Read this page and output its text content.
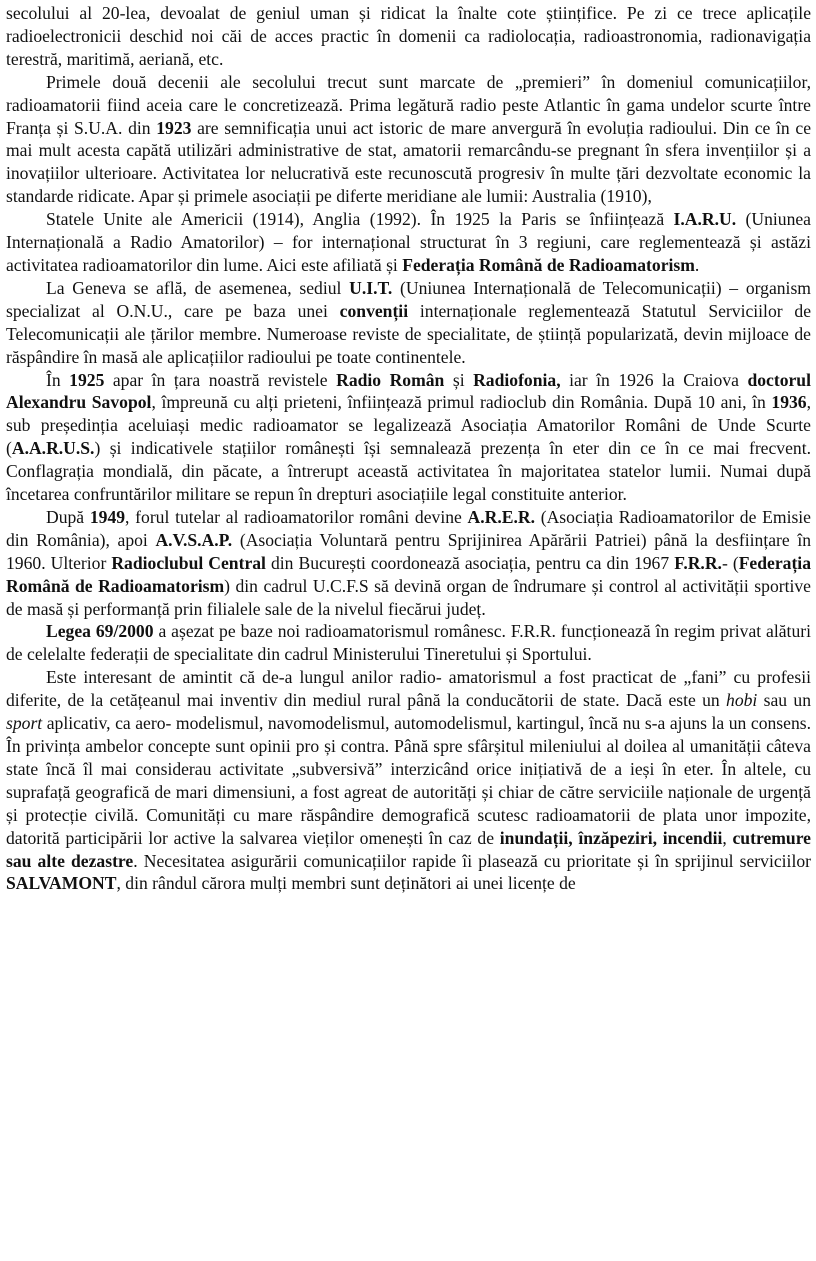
secolului al 20-lea, devoalat de geniul uman și ridicat la înalte cote științifice. Pe zi ce trece aplicațile radioelectronicii deschid noi căi de acces practic în domenii ca radiolocația, radioastronomia, radionavigația terestră, maritimă, aeriană, etc.

Primele două decenii ale secolului trecut sunt marcate de „premieri” în domeniul comunicațiilor, radioamatorii fiind aceia care le concretizează. Prima legătură radio peste Atlantic în gama undelor scurte între Franța și S.U.A. din 1923 are semnificația unui act istoric de mare anvergură în evoluția radioului. Din ce în ce mai mult acesta capătă utilizări administrative de stat, amatorii remarcându-se pregnant în sfera invențiilor și a inovațiilor ulterioare. Activitatea lor nelucrativă este recunoscută progresiv în multe țări dezvoltate economic la standarde ridicate. Apar și primele asociații pe diferte meridiane ale lumii: Australia (1910),

Statele Unite ale Americii (1914), Anglia (1992). În 1925 la Paris se înființează I.A.R.U. (Uniunea Internațională a Radio Amatorilor) – for internațional structurat în 3 regiuni, care reglementează și astăzi activitatea radioamatorilor din lume. Aici este afiliată și Federația Română de Radioamatorism.

La Geneva se află, de asemenea, sediul U.I.T. (Uniunea Internațională de Telecomunicații) – organism specializat al O.N.U., care pe baza unei convenții internaționale reglementează Statutul Serviciilor de Telecomunicații ale țărilor membre. Numeroase reviste de specialitate, de știință popularizată, devin mijloace de răspândire în masă ale aplicațiilor radioului pe toate continentele.

În 1925 apar în țara noastră revistele Radio Român și Radiofonia, iar în 1926 la Craiova doctorul Alexandru Savopol, împreună cu alți prieteni, înființează primul radioclub din România. După 10 ani, în 1936, sub președinția aceluiași medic radioamator se legalizează Asociația Amatorilor Români de Unde Scurte (A.A.R.U.S.) și indicativele stațiilor românești își semnalează prezența în eter din ce în ce mai frecvent. Conflagrația mondială, din păcate, a întrerupt această activitatea în majoritatea statelor lumii. Numai după încetarea confruntărilor militare se repun în drepturi asociațiile legal constituite anterior.

După 1949, forul tutelar al radioamatorilor români devine A.R.E.R. (Asociația Radioamatorilor de Emisie din România), apoi A.V.S.A.P. (Asociația Voluntară pentru Sprijinirea Apărării Patriei) până la desființare în 1960. Ulterior Radioclubul Central din București coordonează asociația, pentru ca din 1967 F.R.R.- (Federația Română de Radioamatorism) din cadrul U.C.F.S să devină organ de îndrumare și control al activității sportive de masă și performanță prin filialele sale de la nivelul fiecărui județ.

Legea 69/2000 a așezat pe baze noi radioamatorismul românesc. F.R.R. funcționează în regim privat alături de celelalte federații de specialitate din cadrul Ministerului Tineretului și Sportului.

Este interesant de amintit că de-a lungul anilor radio- amatorismul a fost practicat de „fani” cu profesii diferite, de la cetățeanul mai inventiv din mediul rural până la conducătorii de state. Dacă este un hobi sau un sport aplicativ, ca aero- modelismul, navomodelismul, automodelismul, kartingul, încă nu s-a ajuns la un consens. În privința ambelor concepte sunt opinii pro și contra. Până spre sfârșitul mileniului al doilea al umanității câteva state încă îl mai considerau activitate „subversivă” interzicând orice inițiativă de a ieși în eter. În altele, cu suprafață geografică de mari dimensiuni, a fost agreat de autorități și chiar de către serviciile naționale de urgență și protecție civilă. Comunități cu mare răspândire demografică scutesc radioamatorii de plata unor impozite, datorită participării lor active la salvarea vieților omenești în caz de inundații, înzăpeziri, incendii, cutremure sau alte dezastre. Necesitatea asigurării comunicațiilor rapide îi plasează cu prioritate și în sprijinul serviciilor SALVAMONT, din rândul cărora mulți membri sunt deținători ai unei licențe de
